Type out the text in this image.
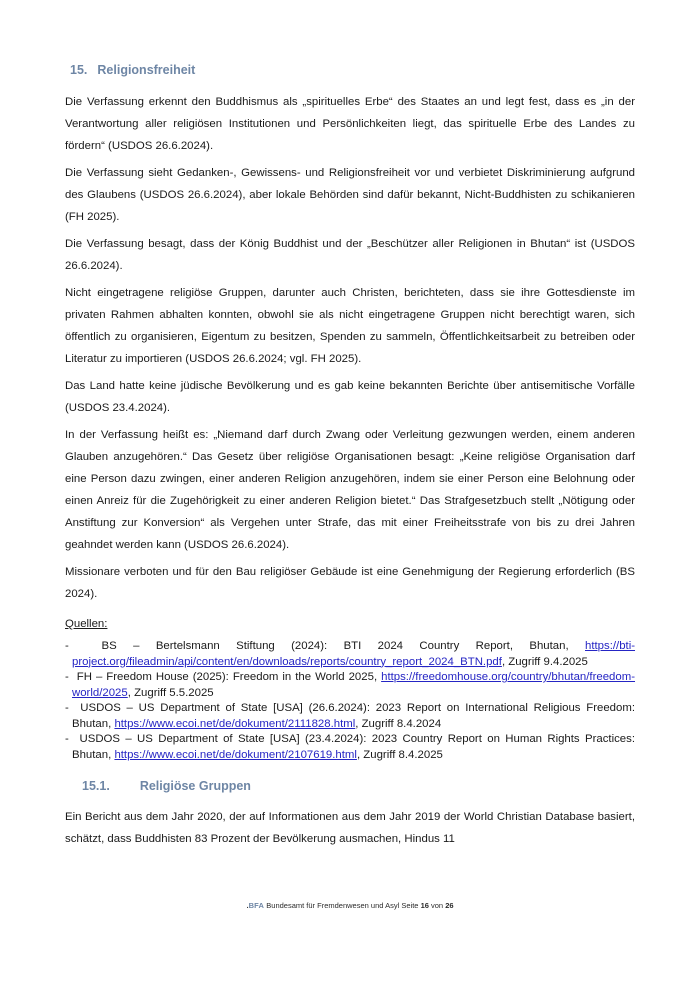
15. Religionsfreiheit

Die Verfassung erkennt den Buddhismus als „spirituelles Erbe“ des Staates an und legt fest, dass es „in der Verantwortung aller religiösen Institutionen und Persönlichkeiten liegt, das spirituelle Erbe des Landes zu fördern“ (USDOS 26.6.2024).

Die Verfassung sieht Gedanken-, Gewissens- und Religionsfreiheit vor und verbietet Diskriminierung aufgrund des Glaubens (USDOS 26.6.2024), aber lokale Behörden sind dafür bekannt, Nicht-Buddhisten zu schikanieren (FH 2025).

Die Verfassung besagt, dass der König Buddhist und der „Beschützer aller Religionen in Bhutan“ ist (USDOS 26.6.2024).

Nicht eingetragene religiöse Gruppen, darunter auch Christen, berichteten, dass sie ihre Gottesdienste im privaten Rahmen abhalten konnten, obwohl sie als nicht eingetragene Gruppen nicht berechtigt waren, sich öffentlich zu organisieren, Eigentum zu besitzen, Spenden zu sammeln, Öffentlichkeitsarbeit zu betreiben oder Literatur zu importieren (USDOS 26.6.2024; vgl. FH 2025).

Das Land hatte keine jüdische Bevölkerung und es gab keine bekannten Berichte über antisemitische Vorfälle (USDOS 23.4.2024).

In der Verfassung heißt es: „Niemand darf durch Zwang oder Verleitung gezwungen werden, einem anderen Glauben anzugehören.“ Das Gesetz über religiöse Organisationen besagt: „Keine religiöse Organisation darf eine Person dazu zwingen, einer anderen Religion anzugehören, indem sie einer Person eine Belohnung oder einen Anreiz für die Zugehörigkeit zu einer anderen Religion bietet.“ Das Strafgesetzbuch stellt „Nötigung oder Anstiftung zur Konversion“ als Vergehen unter Strafe, das mit einer Freiheitsstrafe von bis zu drei Jahren geahndet werden kann (USDOS 26.6.2024).

Missionare verboten und für den Bau religiöser Gebäude ist eine Genehmigung der Regierung erforderlich (BS 2024).

Quellen:
-  BS – Bertelsmann Stiftung (2024): BTI 2024 Country Report, Bhutan, https://bti-project.org/fileadmin/api/content/en/downloads/reports/country_report_2024_BTN.pdf, Zugriff 9.4.2025
-  FH – Freedom House (2025): Freedom in the World 2025, https://freedomhouse.org/country/bhutan/freedom-world/2025, Zugriff 5.5.2025
-  USDOS – US Department of State [USA] (26.6.2024): 2023 Report on International Religious Freedom: Bhutan, https://www.ecoi.net/de/dokument/2111828.html, Zugriff 8.4.2024
-  USDOS – US Department of State [USA] (23.4.2024): 2023 Country Report on Human Rights Practices: Bhutan, https://www.ecoi.net/de/dokument/2107619.html, Zugriff 8.4.2025
15.1. Religiöse Gruppen

Ein Bericht aus dem Jahr 2020, der auf Informationen aus dem Jahr 2019 der World Christian Database basiert, schätzt, dass Buddhisten 83 Prozent der Bevölkerung ausmachen, Hindus 11

.BFA Bundesamt für Fremdenwesen und Asyl Seite 16 von 26
